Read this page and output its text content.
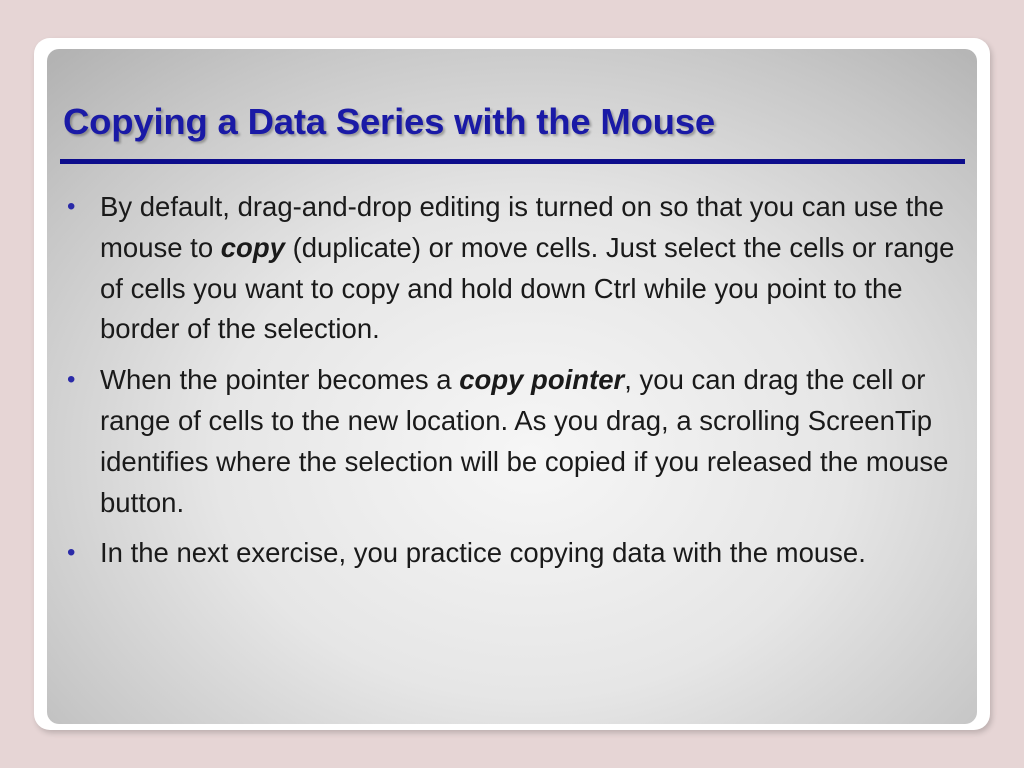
Copying a Data Series with the Mouse
• By default, drag-and-drop editing is turned on so that you can use the mouse to copy (duplicate) or move cells. Just select the cells or range of cells you want to copy and hold down Ctrl while you point to the border of the selection.
• When the pointer becomes a copy pointer, you can drag the cell or range of cells to the new location. As you drag, a scrolling ScreenTip identifies where the selection will be copied if you released the mouse button.
• In the next exercise, you practice copying data with the mouse.
